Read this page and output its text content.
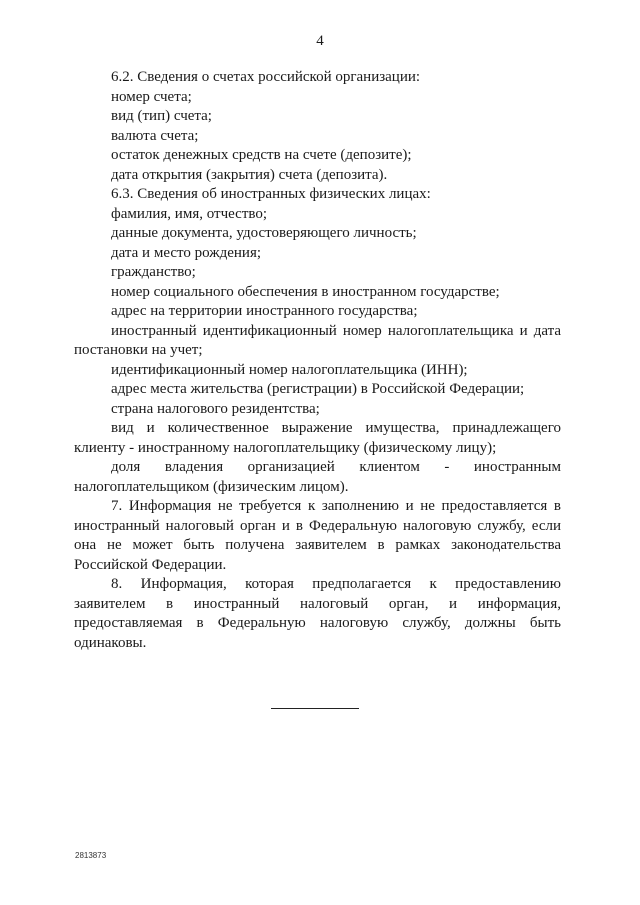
4
6.2. Сведения о счетах российской организации:
номер счета;
вид (тип) счета;
валюта счета;
остаток денежных средств на счете (депозите);
дата открытия (закрытия) счета (депозита).
6.3. Сведения об иностранных физических лицах:
фамилия, имя, отчество;
данные документа, удостоверяющего личность;
дата и место рождения;
гражданство;
номер социального обеспечения в иностранном государстве;
адрес на территории иностранного государства;
иностранный идентификационный номер налогоплательщика и дата постановки на учет;
идентификационный номер налогоплательщика (ИНН);
адрес места жительства (регистрации) в Российской Федерации;
страна налогового резидентства;
вид и количественное выражение имущества, принадлежащего клиенту - иностранному налогоплательщику (физическому лицу);
доля владения организацией клиентом - иностранным налогоплательщиком (физическим лицом).
7. Информация не требуется к заполнению и не предоставляется в иностранный налоговый орган и в Федеральную налоговую службу, если она не может быть получена заявителем в рамках законодательства Российской Федерации.
8. Информация, которая предполагается к предоставлению заявителем в иностранный налоговый орган, и информация, предоставляемая в Федеральную налоговую службу, должны быть одинаковы.
2813873
